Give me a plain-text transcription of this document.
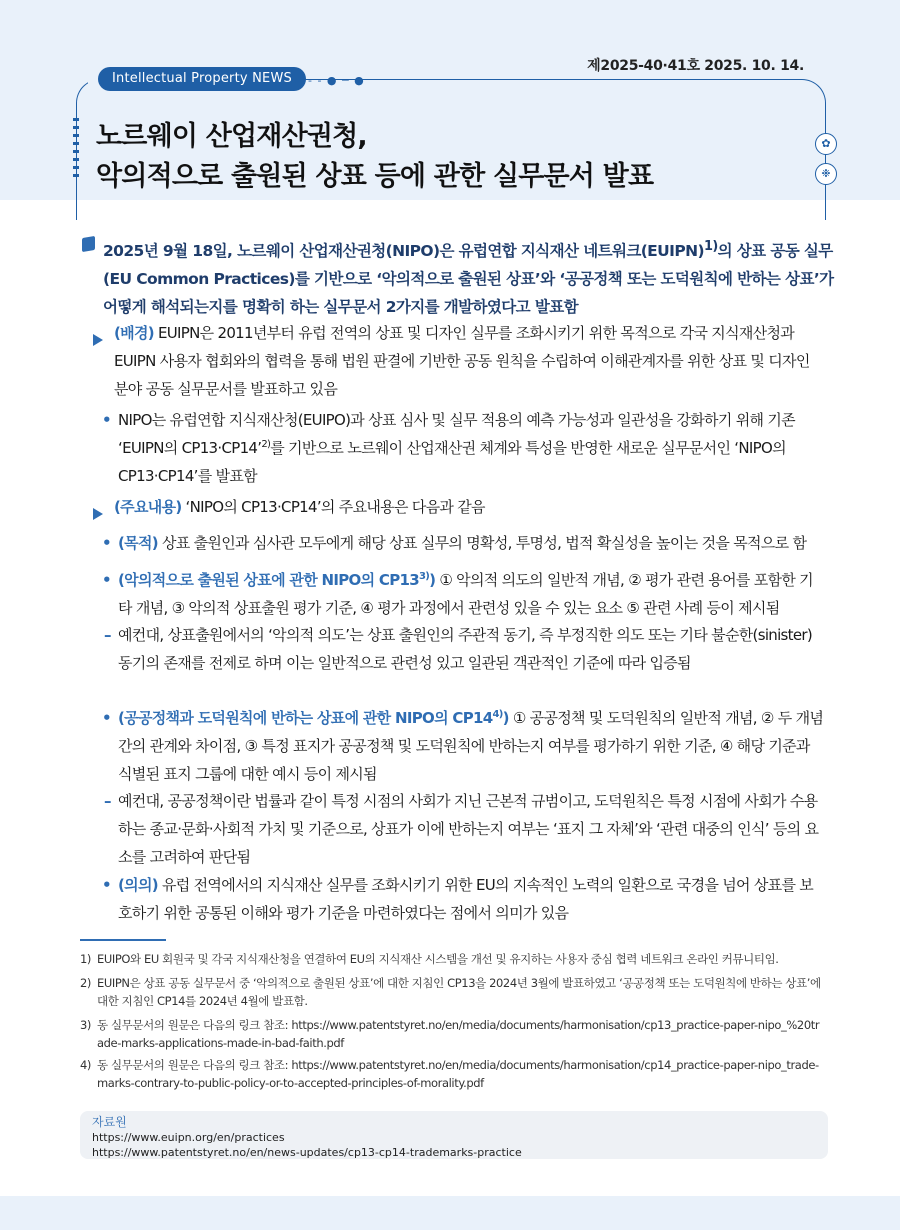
- - ● ─ ●
제2025-40·41호 2025. 10. 14.
Intellectual Property NEWS
노르웨이 산업재산권청,
악의적으로 출원된 상표 등에 관한 실무문서 발표
✿
❉
2025년 9월 18일, 노르웨이 산업재산권청(NIPO)은 유럽연합 지식재산 네트워크(EUIPN)$^{1)}$의 상표 공동 실무(EU Common Practices)를 기반으로 ‘악의적으로 출원된 상표’와 ‘공공정책 또는 도덕원칙에 반하는 상표’가 어떻게 해석되는지를 명확히 하는 실무문서 2가지를 개발하였다고 발표함
(배경) EUIPN은 2011년부터 유럽 전역의 상표 및 디자인 실무를 조화시키기 위한 목적으로 각국 지식재산청과 EUIPN 사용자 협회와의 협력을 통해 법원 판결에 기반한 공동 원칙을 수립하여 이해관계자를 위한 상표 및 디자인 분야 공동 실무문서를 발표하고 있음
• NIPO는 유럽연합 지식재산청(EUIPO)과 상표 심사 및 실무 적용의 예측 가능성과 일관성을 강화하기 위해 기존 ‘EUIPN의 CP13·CP14’$^{2)}$를 기반으로 노르웨이 산업재산권 체계와 특성을 반영한 새로운 실무문서인 ‘NIPO의 CP13·CP14’를 발표함
(주요내용) ‘NIPO의 CP13·CP14’의 주요내용은 다음과 같음
• (목적) 상표 출원인과 심사관 모두에게 해당 상표 실무의 명확성, 투명성, 법적 확실성을 높이는 것을 목적으로 함
• (악의적으로 출원된 상표에 관한 NIPO의 CP13$^{3)}$) ① 악의적 의도의 일반적 개념, ② 평가 관련 용어를 포함한 기타 개념, ③ 악의적 상표출원 평가 기준, ④ 평가 과정에서 관련성 있을 수 있는 요소 ⑤ 관련 사례 등이 제시됨
– 예컨대, 상표출원에서의 ‘악의적 의도’는 상표 출원인의 주관적 동기, 즉 부정직한 의도 또는 기타 불순한(sinister) 동기의 존재를 전제로 하며 이는 일반적으로 관련성 있고 일관된 객관적인 기준에 따라 입증됨
• (공공정책과 도덕원칙에 반하는 상표에 관한 NIPO의 CP14$^{4)}$) ① 공공정책 및 도덕원칙의 일반적 개념, ② 두 개념 간의 관계와 차이점, ③ 특정 표지가 공공정책 및 도덕원칙에 반하는지 여부를 평가하기 위한 기준, ④ 해당 기준과 식별된 표지 그룹에 대한 예시 등이 제시됨
– 예컨대, 공공정책이란 법률과 같이 특정 시점의 사회가 지닌 근본적 규범이고, 도덕원칙은 특정 시점에 사회가 수용하는 종교·문화·사회적 가치 및 기준으로, 상표가 이에 반하는지 여부는 ‘표지 그 자체’와 ‘관련 대중의 인식’ 등의 요소를 고려하여 판단됨
• (의의) 유럽 전역에서의 지식재산 실무를 조화시키기 위한 EU의 지속적인 노력의 일환으로 국경을 넘어 상표를 보호하기 위한 공통된 이해와 평가 기준을 마련하였다는 점에서 의미가 있음
1) EUIPO와 EU 회원국 및 각국 지식재산청을 연결하여 EU의 지식재산 시스템을 개선 및 유지하는 사용자 중심 협력 네트워크 온라인 커뮤니티임.
2) EUIPN은 상표 공동 실무문서 중 ‘악의적으로 출원된 상표’에 대한 지침인 CP13을 2024년 3월에 발표하였고 ‘공공정책 또는 도덕원칙에 반하는 상표’에 대한 지침인 CP14를 2024년 4월에 발표함.
3) 동 실무문서의 원문은 다음의 링크 참조: https://www.patentstyret.no/en/media/documents/harmonisation/cp13_practice-paper-nipo_%20trade-marks-applications-made-in-bad-faith.pdf
4) 동 실무문서의 원문은 다음의 링크 참조: https://www.patentstyret.no/en/media/documents/harmonisation/cp14_practice-paper-nipo_trade-marks-contrary-to-public-policy-or-to-accepted-principles-of-morality.pdf
자료원
https://www.euipn.org/en/practices
https://www.patentstyret.no/en/news-updates/cp13-cp14-trademarks-practice
